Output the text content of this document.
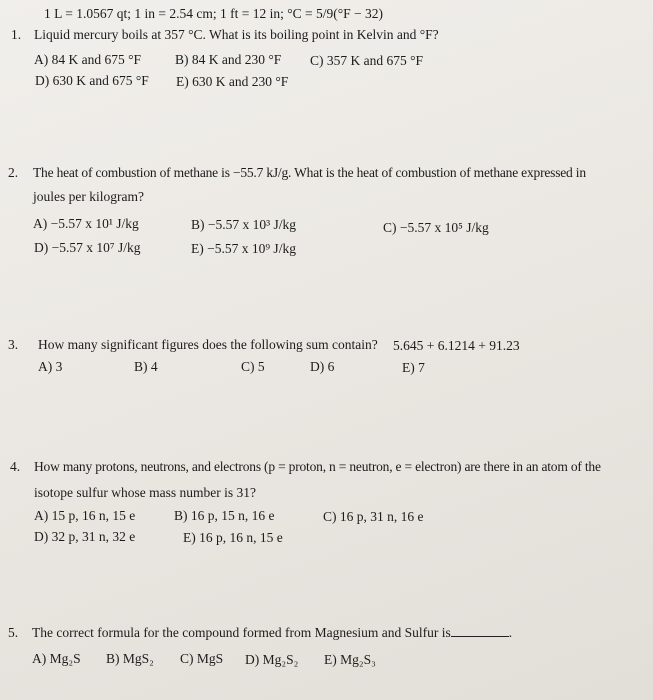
1 L = 1.0567 qt; 1 in = 2.54 cm; 1 ft = 12 in; °C = 5/9(°F − 32)
1. Liquid mercury boils at 357 °C. What is its boiling point in Kelvin and °F?
A) 84 K and 675 °F	B) 84 K and 230 °F C) 357 K and 675 °F
D) 630 K and 675 °F E) 630 K and 230 °F
2. The heat of combustion of methane is −55.7 kJ/g. What is the heat of combustion of methane expressed in
joules per kilogram?
A) −5.57 x 10¹ J/kg	B) −5.57 x 10³ J/kg	C) −5.57 x 10⁵ J/kg
D) −5.57 x 10⁷ J/kg	E) −5.57 x 10⁹ J/kg
3. How many significant figures does the following sum contain? 5.645 + 6.1214 + 91.23
A) 3	B) 4	C) 5	D) 6	E) 7
4. How many protons, neutrons, and electrons (p = proton, n = neutron, e = electron) are there in an atom of the
isotope sulfur whose mass number is 31?
A) 15 p, 16 n, 15 e	B) 16 p, 15 n, 16 e	C) 16 p, 31 n, 16 e
D) 32 p, 31 n, 32 e	E) 16 p, 16 n, 15 e
5. The correct formula for the compound formed from Magnesium and Sulfur is	.
A) Mg₂S B) MgS₂ C) MgS D) Mg₂S₂ E) Mg₂S₃
